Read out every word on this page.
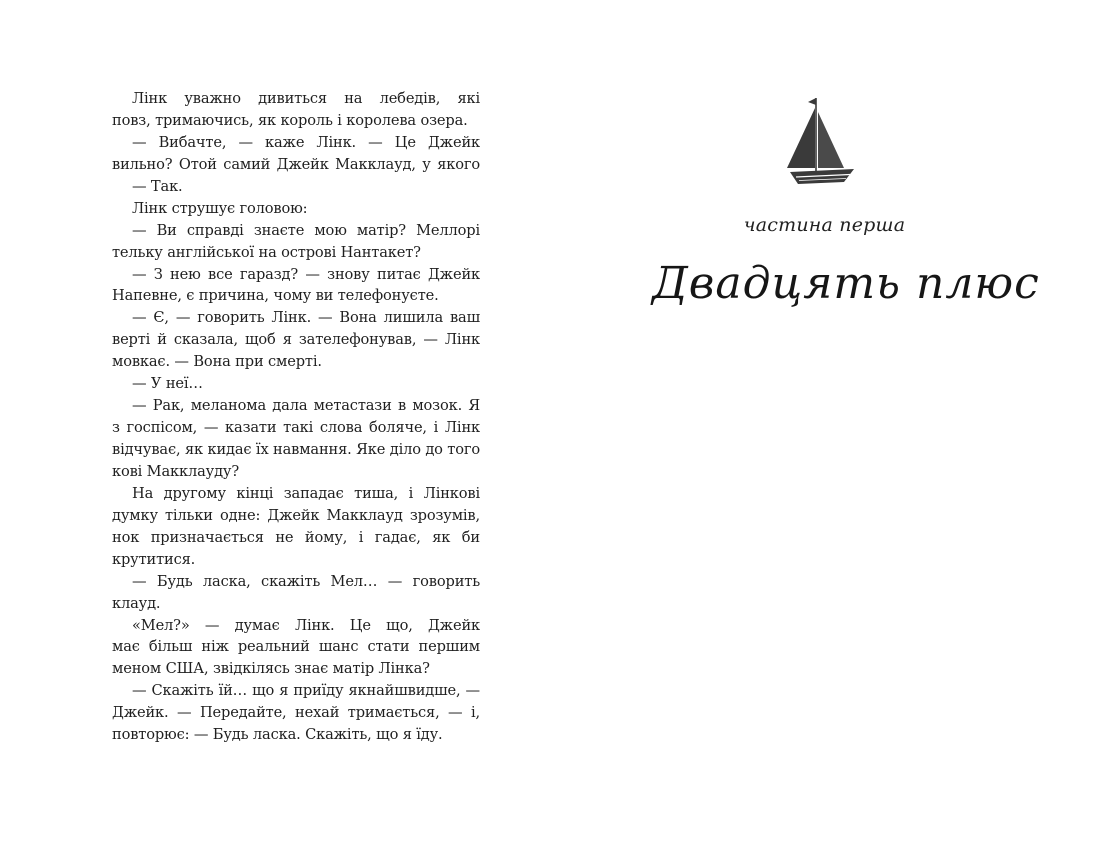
Лінк уважно дивиться на лебедів, які
повз, тримаючись, як король і королева озера.
— Вибачте, — каже Лінк. — Це Джейк
вильно? Отой самий Джейк Макклауд, у якого
— Так.
Лінк струшує головою:
— Ви справді знаєте мою матір? Меллорі
тельку англійської на острові Нантакет?
— З нею все гаразд? — знову питає Джейк
Напевне, є причина, чому ви телефонуєте.
— Є, — говорить Лінк. — Вона лишила ваш
верті й сказала, щоб я зателефонував, — Лінк
мовкає. — Вона при смерті.
— У неї…
— Рак, меланома дала метастази в мозок. Я
з госпісом, — казати такі слова боляче, і Лінк
відчуває, як кидає їх навмання. Яке діло до того
кові Макклауду?
На другому кінці западає тиша, і Лінкові
думку тільки одне: Джейк Макклауд зрозумів,
нок призначається не йому, і гадає, як би
крутитися.
— Будь ласка, скажіть Мел… — говорить
клауд.
«Мел?» — думає Лінк. Це що, Джейк
має більш ніж реальний шанс стати першим
меном США, звідкілясь знає матір Лінка?
— Скажіть їй… що я приїду якнайшвидше, —
Джейк. — Передайте, нехай тримається, — і,
повторює: — Будь ласка. Скажіть, що я їду.
частина перша
Двадцять плюс
